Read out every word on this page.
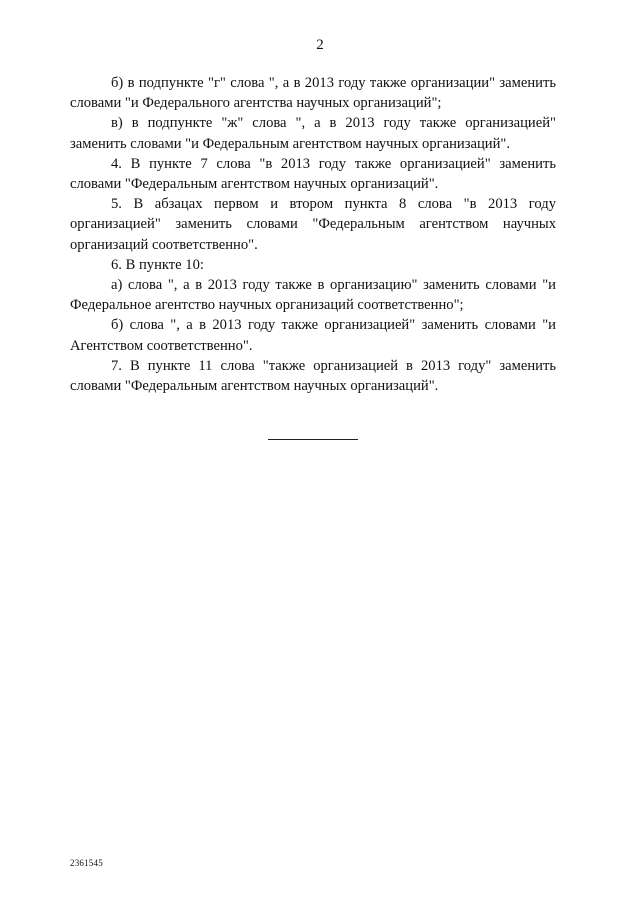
2

б) в подпункте "г" слова ", а в 2013 году также организации" заменить словами "и Федерального агентства научных организаций";

в) в подпункте "ж" слова ", а в 2013 году также организацией" заменить словами "и Федеральным агентством научных организаций".

4. В пункте 7 слова "в 2013 году также организацией" заменить словами "Федеральным агентством научных организаций".

5. В абзацах первом и втором пункта 8 слова "в 2013 году организацией" заменить словами "Федеральным агентством научных организаций соответственно".

6. В пункте 10:

а) слова ", а в 2013 году также в организацию" заменить словами "и Федеральное агентство научных организаций соответственно";

б) слова ", а в 2013 году также организацией" заменить словами "и Агентством соответственно".

7. В пункте 11 слова "также организацией в 2013 году" заменить словами "Федеральным агентством научных организаций".

2361545
